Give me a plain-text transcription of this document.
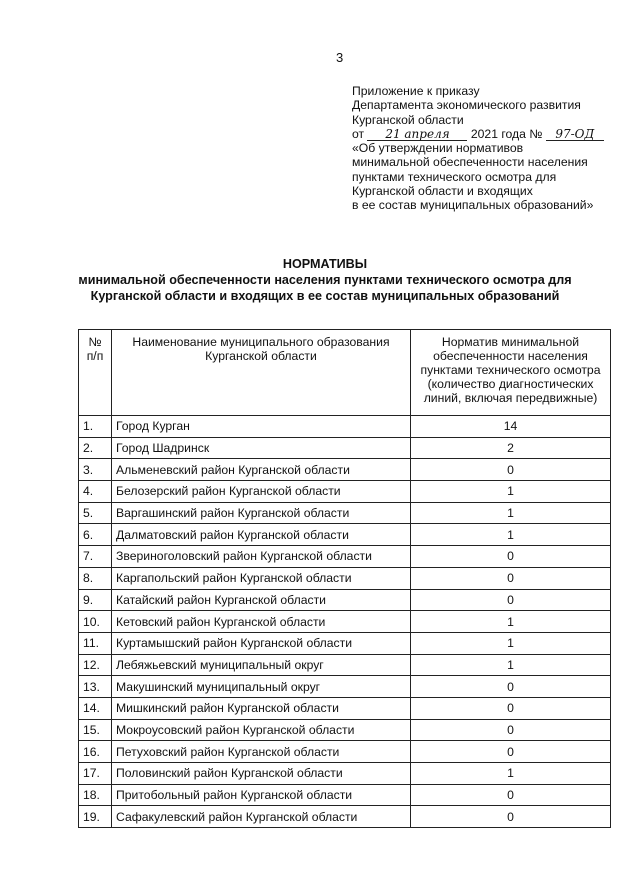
3
Приложение к приказу
Департамента экономического развития
Курганской области
от 21 апреля 2021 года № 97-ОД
«Об утверждении нормативов
минимальной обеспеченности населения
пунктами технического осмотра для
Курганской области и входящих
в ее состав муниципальных образований»
НОРМАТИВЫ
минимальной обеспеченности населения пунктами технического осмотра для
Курганской области и входящих в ее состав муниципальных образований
№ п/п	Наименование муниципального образования Курганской области	Норматив минимальной обеспеченности населения пунктами технического осмотра (количество диагностических линий, включая передвижные)
1.	Город Курган	14
2.	Город Шадринск	2
3.	Альменевский район Курганской области	0
4.	Белозерский район Курганской области	1
5.	Варгашинский район Курганской области	1
6.	Далматовский район Курганской области	1
7.	Звериноголовский район Курганской области	0
8.	Каргапольский район Курганской области	0
9.	Катайский район Курганской области	0
10.	Кетовский район Курганской области	1
11.	Куртамышский район Курганской области	1
12.	Лебяжьевский муниципальный округ	1
13.	Макушинский муниципальный округ	0
14.	Мишкинский район Курганской области	0
15.	Мокроусовский район Курганской области	0
16.	Петуховский район Курганской области	0
17.	Половинский район Курганской области	1
18.	Притобольный район Курганской области	0
19.	Сафакулевский район Курганской области	0
